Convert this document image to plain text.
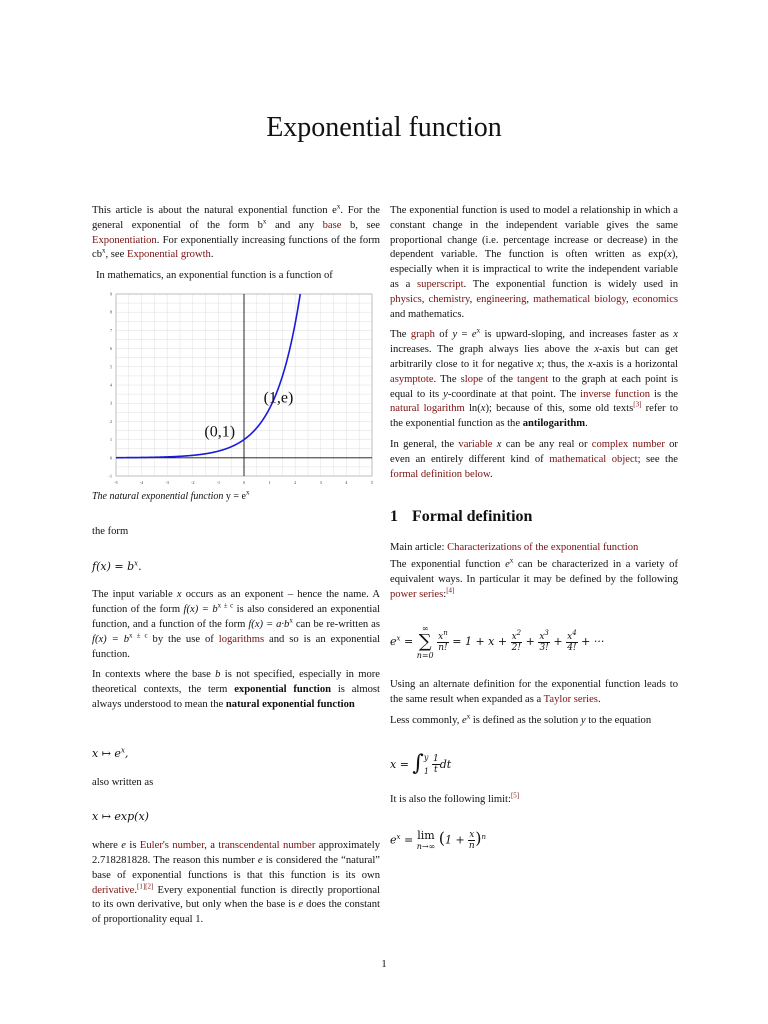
Exponential function

This article is about the natural exponential function $e^x$. For the general exponential of the form $b^x$ and any base b, see Exponentiation. For exponentially increasing functions of the form $cb^x$, see Exponential growth.

In mathematics, an exponential function is a function of

-5	-4	-3	-2	-1	0	1	2	3	4	5
-1
0
1
2
3
4
5
6
7
8
9
(0,1)
(1,e)

The natural exponential function $y = e^x$

the form

$f(x) = b^x$.

The input variable x occurs as an exponent – hence the name. A function of the form $f(x) = b^{x \pm c}$ is also considered an exponential function, and a function of the form $f(x) = a\cdot b^x$ can be re-written as $f(x) = b^{x \pm c}$ by the use of logarithms and so is an exponential function.

In contexts where the base b is not specified, especially in more theoretical contexts, the term exponential function is almost always understood to mean the natural exponential function

x ↦ $e^x$,

also written as

x ↦ exp(x)

where e is Euler's number, a transcendental number approximately 2.718281828. The reason this number e is considered the “natural” base of exponential functions is that this function is its own derivative.[1][2] Every exponential function is directly proportional to its own derivative, but only when the base is e does the constant of proportionality equal 1.

The exponential function is used to model a relationship in which a constant change in the independent variable gives the same proportional change (i.e. percentage increase or decrease) in the dependent variable. The function is often written as exp(x), especially when it is impractical to write the independent variable as a superscript. The exponential function is widely used in physics, chemistry, engineering, mathematical biology, economics and mathematics.

The graph of $y = e^x$ is upward-sloping, and increases faster as x increases. The graph always lies above the x-axis but can get arbitrarily close to it for negative x; thus, the x-axis is a horizontal asymptote. The slope of the tangent to the graph at each point is equal to its y-coordinate at that point. The inverse function is the natural logarithm ln(x); because of this, some old texts[3] refer to the exponential function as the antilogarithm.

In general, the variable x can be any real or complex number or even an entirely different kind of mathematical object; see the formal definition below.

1 Formal definition

Main article: Characterizations of the exponential function

The exponential function $e^x$ can be characterized in a variety of equivalent ways. In particular it may be defined by the following power series:[4]

$e^x$ = ∞
∑
n=0
$\frac{x^n}{n!} = 1 + x + \frac{x^2}{2!} + \frac{x^3}{3!} + \frac{x^4}{4!}$ + ···

Using an alternate definition for the exponential function leads to the same result when expanded as a Taylor series.

Less commonly, $e^x$ is defined as the solution y to the equation

x = ∫ y
$1 \frac{1}{t}$ dt

It is also the following limit:[5]

$e^x = \lim$
n→∞ $(1 + \frac{x}{n} )^n$
1
